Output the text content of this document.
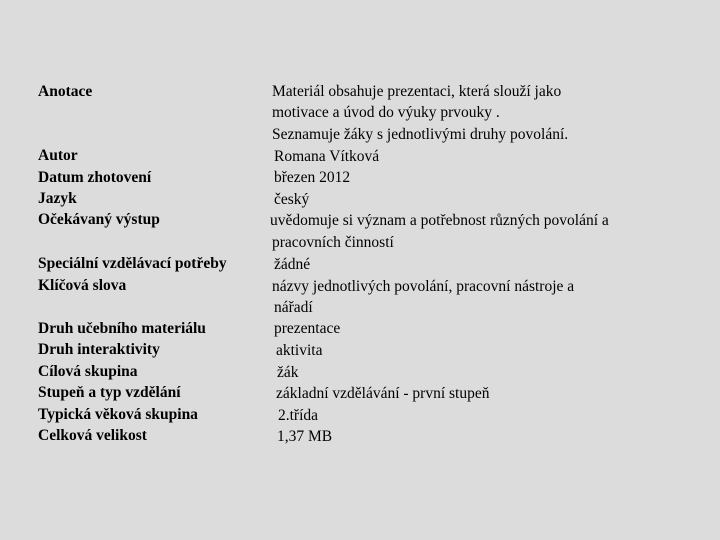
Anotace
Autor
Datum zhotovení
Jazyk
Očekávaný výstup
Speciální vzdělávací potřeby
Klíčová slova
Druh učebního materiálu
Druh interaktivity
Cílová skupina
Stupeň a typ vzdělání
Typická věková skupina
Celková velikost
Materiál obsahuje prezentaci, která slouží jako
motivace a úvod do výuky prvouky .
Seznamuje žáky s jednotlivými druhy povolání.
Romana Vítková
březen 2012
český
uvědomuje si význam a potřebnost různých povolání a
pracovních činností
žádné
názvy jednotlivých povolání, pracovní nástroje a
nářadí
prezentace
aktivita
žák
základní vzdělávání - první stupeň
2.třída
1,37 MB
